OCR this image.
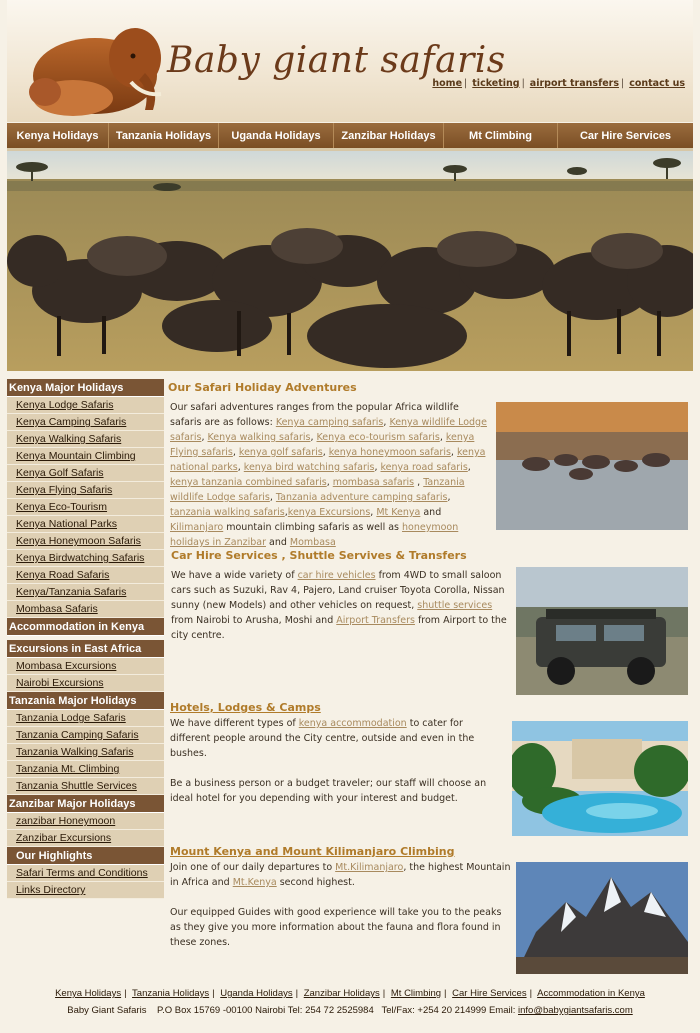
Baby giant safaris
home | ticketing | airport transfers | contact us
Kenya Holidays	Tanzania Holidays	Uganda Holidays	Zanzibar Holidays	Mt Climbing	Car Hire Services
Kenya Major Holidays
Kenya Lodge Safaris
Kenya Camping Safaris
Kenya Walking Safaris
Kenya Mountain Climbing
Kenya Golf Safaris
Kenya Flying Safaris
Kenya Eco-Tourism
Kenya National Parks
Kenya Honeymoon Safaris
Kenya Birdwatching Safaris
Kenya Road Safaris
Kenya/Tanzania Safaris
Mombasa Safaris
Accommodation in Kenya
Excursions in East Africa
Mombasa Excursions
Nairobi Excursions
Tanzania Major Holidays
Tanzania Lodge Safaris
Tanzania Camping Safaris
Tanzania Walking Safaris
Tanzania Mt. Climbing
Tanzania Shuttle Services
Zanzibar Major Holidays
zanzibar Honeymoon
Zanzibar Excursions
Our Highlights
Safari Terms and Conditions
Links Directory
Our Safari Holiday Adventures

Our safari adventures ranges from the popular Africa wildlife safaris are as follows: Kenya camping safaris, Kenya wildlife Lodge safaris, Kenya walking safaris, Kenya eco-tourism safaris, kenya Flying safaris, kenya golf safaris, kenya honeymoon safaris, kenya national parks, kenya bird watching safaris, kenya road safaris, kenya tanzania combined safaris, mombasa safaris , Tanzania wildlife Lodge safaris, Tanzania adventure camping safaris, tanzania walking safaris,kenya Excursions, Mt Kenya and Kilimanjaro mountain climbing safaris as well as honeymoon holidays in Zanzibar and Mombasa

Car Hire Services , Shuttle Servives & Transfers

We have a wide variety of car hire vehicles from 4WD to small saloon cars such as Suzuki, Rav 4, Pajero, Land cruiser Toyota Corolla, Nissan sunny (new Models) and other vehicles on request, shuttle services from Nairobi to Arusha, Moshi and Airport Transfers from Airport to the city centre.

Hotels, Lodges & Camps

We have different types of kenya accommodation to cater for different people around the City centre, outside and even in the bushes.

Be a business person or a budget traveler; our staff will choose an ideal hotel for you depending with your interest and budget.

Mount Kenya and Mount Kilimanjaro Climbing

Join one of our daily departures to Mt.Kilimanjaro, the highest Mountain in Africa and Mt.Kenya second highest.

Our equipped Guides with good experience will take you to the peaks as they give you more information about the fauna and flora found in these zones.

Kenya Holidays | Tanzania Holidays | Uganda Holidays | Zanzibar Holidays | Mt Climbing | Car Hire Services | Accommodation in Kenya
Baby Giant Safaris    P.O Box 15769 -00100 Nairobi Tel: 254 72 2525984   Tel/Fax: +254 20 214999 Email: info@babygiantsafaris.com
